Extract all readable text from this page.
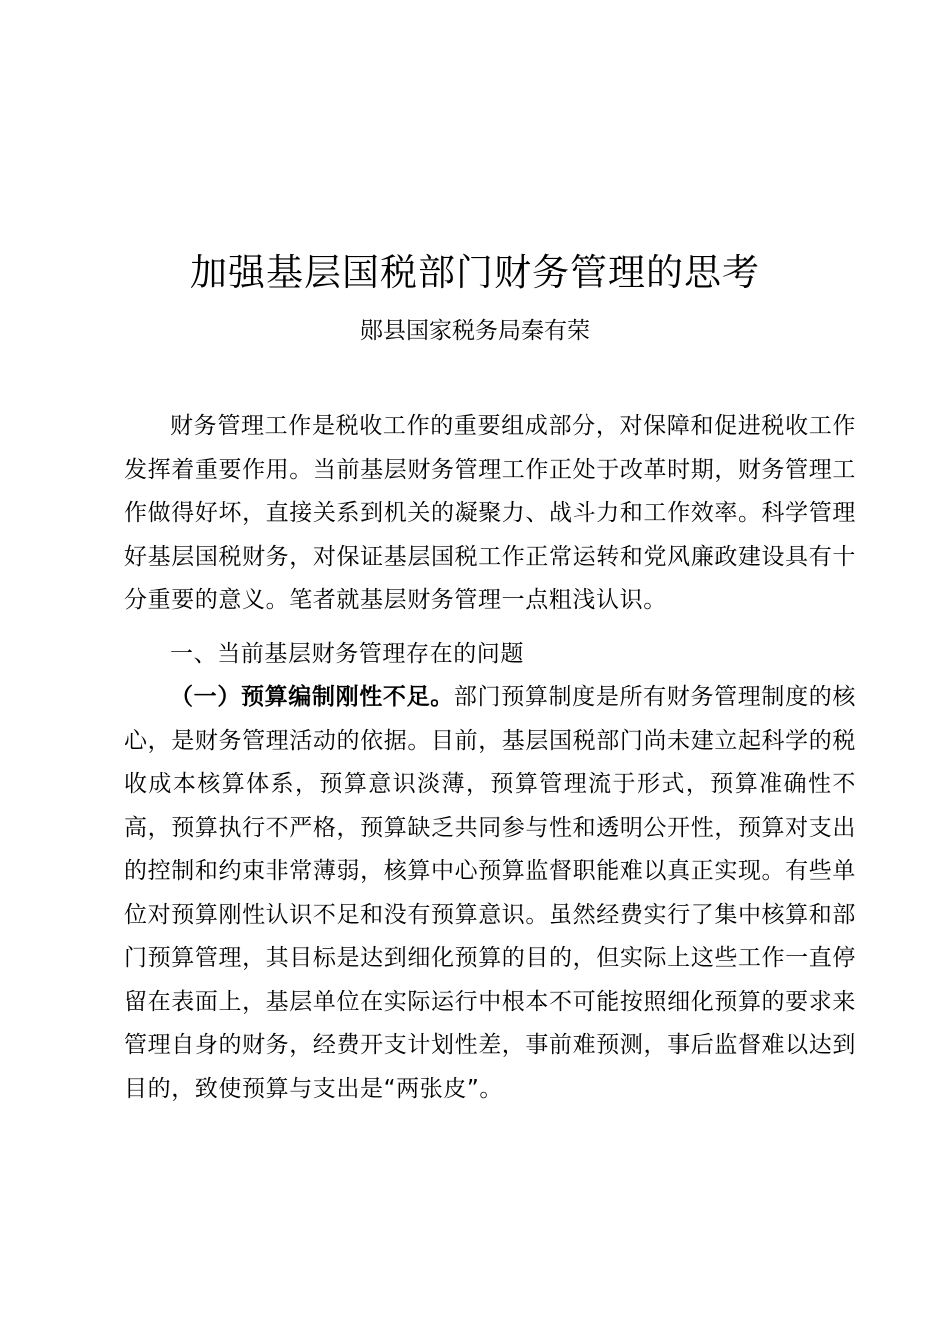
加强基层国税部门财务管理的思考

郧县国家税务局秦有荣

财务管理工作是税收工作的重要组成部分，对保障和促进税收工作发挥着重要作用。当前基层财务管理工作正处于改革时期，财务管理工作做得好坏，直接关系到机关的凝聚力、战斗力和工作效率。科学管理好基层国税财务，对保证基层国税工作正常运转和党风廉政建设具有十分重要的意义。笔者就基层财务管理一点粗浅认识。

一、当前基层财务管理存在的问题

（一）预算编制刚性不足。部门预算制度是所有财务管理制度的核心，是财务管理活动的依据。目前，基层国税部门尚未建立起科学的税收成本核算体系，预算意识淡薄，预算管理流于形式，预算准确性不高，预算执行不严格，预算缺乏共同参与性和透明公开性，预算对支出的控制和约束非常薄弱，核算中心预算监督职能难以真正实现。有些单位对预算刚性认识不足和没有预算意识。虽然经费实行了集中核算和部门预算管理，其目标是达到细化预算的目的，但实际上这些工作一直停留在表面上，基层单位在实际运行中根本不可能按照细化预算的要求来管理自身的财务，经费开支计划性差，事前难预测，事后监督难以达到目的，致使预算与支出是“两张皮”。
